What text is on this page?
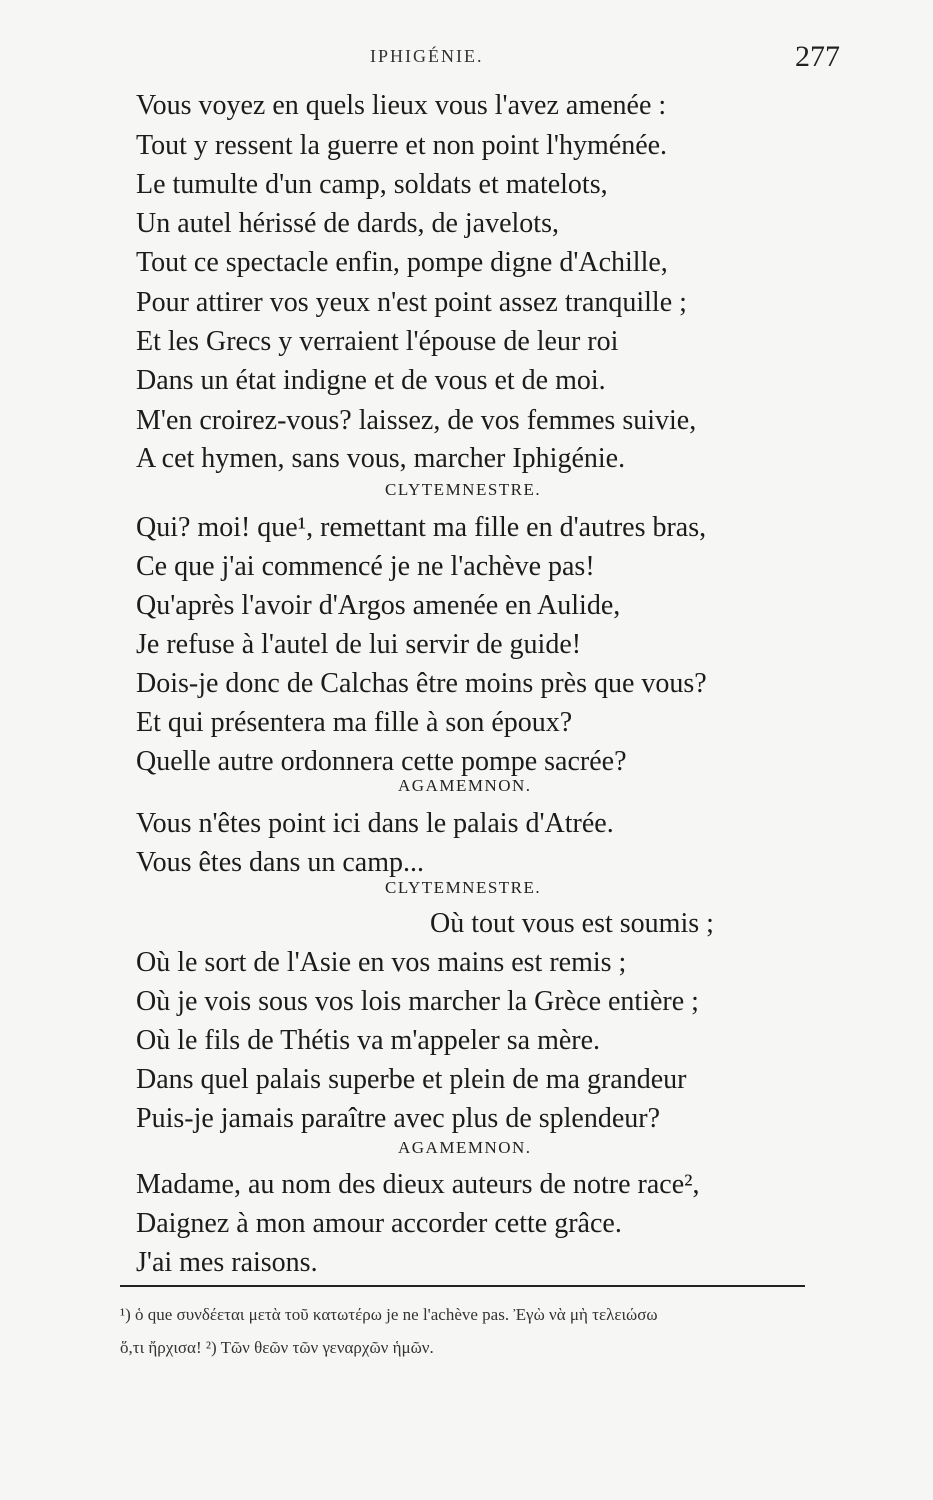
IPHIGÉNIE.	277
Vous voyez en quels lieux vous l'avez amenée :
Tout y ressent la guerre et non point l'hyménée.
Le tumulte d'un camp, soldats et matelots,
Un autel hérissé de dards, de javelots,
Tout ce spectacle enfin, pompe digne d'Achille,
Pour attirer vos yeux n'est point assez tranquille ;
Et les Grecs y verraient l'épouse de leur roi
Dans un état indigne et de vous et de moi.
M'en croirez-vous? laissez, de vos femmes suivie,
A cet hymen, sans vous, marcher Iphigénie.
CLYTEMNESTRE.
Qui? moi! que¹, remettant ma fille en d'autres bras,
Ce que j'ai commencé je ne l'achève pas!
Qu'après l'avoir d'Argos amenée en Aulide,
Je refuse à l'autel de lui servir de guide!
Dois-je donc de Calchas être moins près que vous?
Et qui présentera ma fille à son époux?
Quelle autre ordonnera cette pompe sacrée?
AGAMEMNON.
Vous n'êtes point ici dans le palais d'Atrée.
Vous êtes dans un camp...
CLYTEMNESTRE.
Où tout vous est soumis ;
Où le sort de l'Asie en vos mains est remis ;
Où je vois sous vos lois marcher la Grèce entière ;
Où le fils de Thétis va m'appeler sa mère.
Dans quel palais superbe et plein de ma grandeur
Puis-je jamais paraître avec plus de splendeur?
AGAMEMNON.
Madame, au nom des dieux auteurs de notre race²,
Daignez à mon amour accorder cette grâce.
J'ai mes raisons.
¹) ὁ que συνδέεται μετὰ τοῦ κατωτέρω je ne l'achève pas. Ἐγὼ νὰ μὴ τελειώσω
ὅ,τι ἤρχισα! ²) Τῶν θεῶν τῶν γεναρχῶν ἡμῶν.
